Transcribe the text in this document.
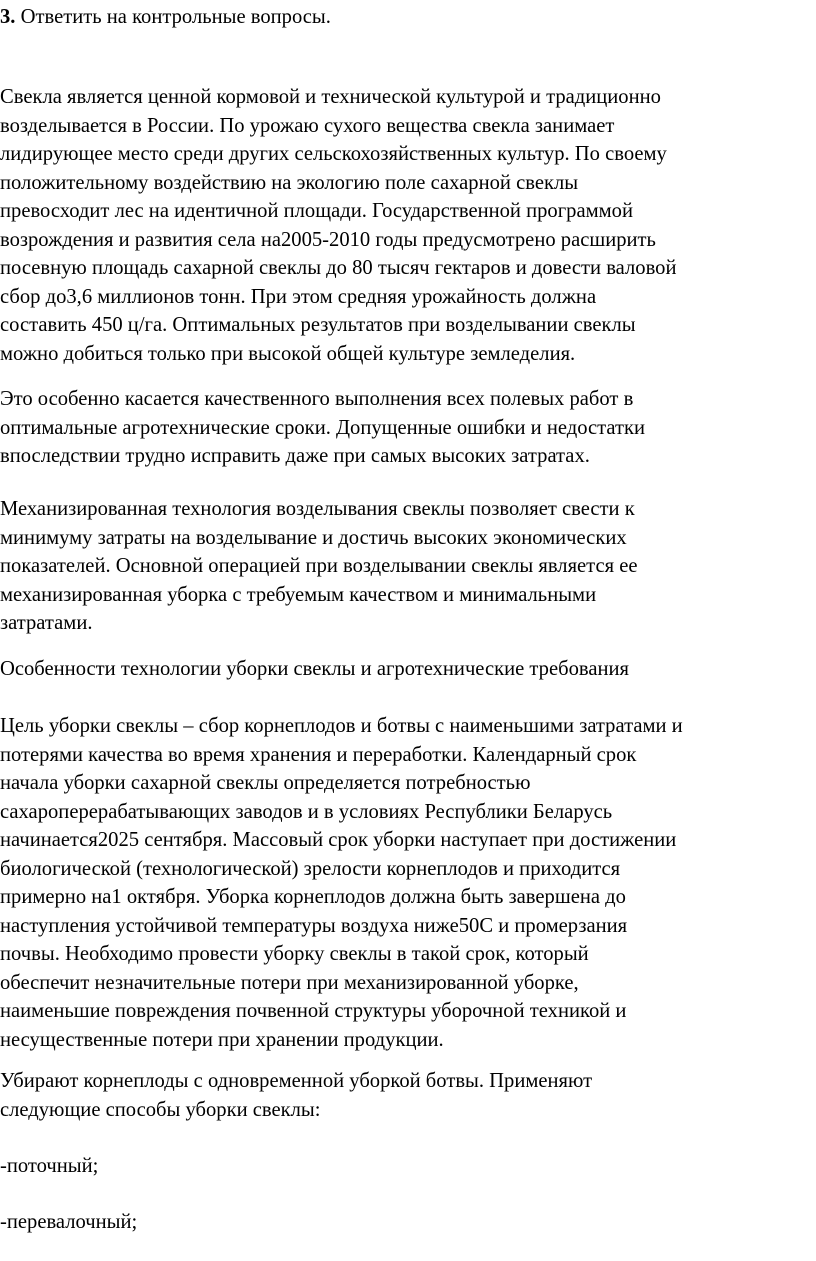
3. Ответить на контрольные вопросы.
Свекла является ценной кормовой и технической культурой и традиционно
возделывается в России. По урожаю сухого вещества свекла занимает
лидирующее место среди других сельскохозяйственных культур. По своему
положительному воздействию на экологию поле сахарной свеклы
превосходит лес на идентичной площади. Государственной программой
возрождения и развития села на2005-2010 годы предусмотрено расширить
посевную площадь сахарной свеклы до 80 тысяч гектаров и довести валовой
сбор до3,6 миллионов тонн. При этом средняя урожайность должна
составить 450 ц/га. Оптимальных результатов при возделывании свеклы
можно добиться только при высокой общей культуре земледелия.
Это особенно касается качественного выполнения всех полевых работ в
оптимальные агротехнические сроки. Допущенные ошибки и недостатки
впоследствии трудно исправить даже при самых высоких затратах.
Механизированная технология возделывания свеклы позволяет свести к
минимуму затраты на возделывание и достичь высоких экономических
показателей. Основной операцией при возделывании свеклы является ее
механизированная уборка с требуемым качеством и минимальными
затратами.
Особенности технологии уборки свеклы и агротехнические требования
Цель уборки свеклы – сбор корнеплодов и ботвы с наименьшими затратами и
потерями качества во время хранения и переработки. Календарный срок
начала уборки сахарной свеклы определяется потребностью
сахароперерабатывающих заводов и в условиях Республики Беларусь
начинается2025 сентября. Массовый срок уборки наступает при достижении
биологической (технологической) зрелости корнеплодов и приходится
примерно на1 октября. Уборка корнеплодов должна быть завершена до
наступления устойчивой температуры воздуха ниже50С и промерзания
почвы. Необходимо провести уборку свеклы в такой срок, который
обеспечит незначительные потери при механизированной уборке,
наименьшие повреждения почвенной структуры уборочной техникой и
несущественные потери при хранении продукции.
Убирают корнеплоды с одновременной уборкой ботвы. Применяют
следующие способы уборки свеклы:
-поточный;
-перевалочный;
